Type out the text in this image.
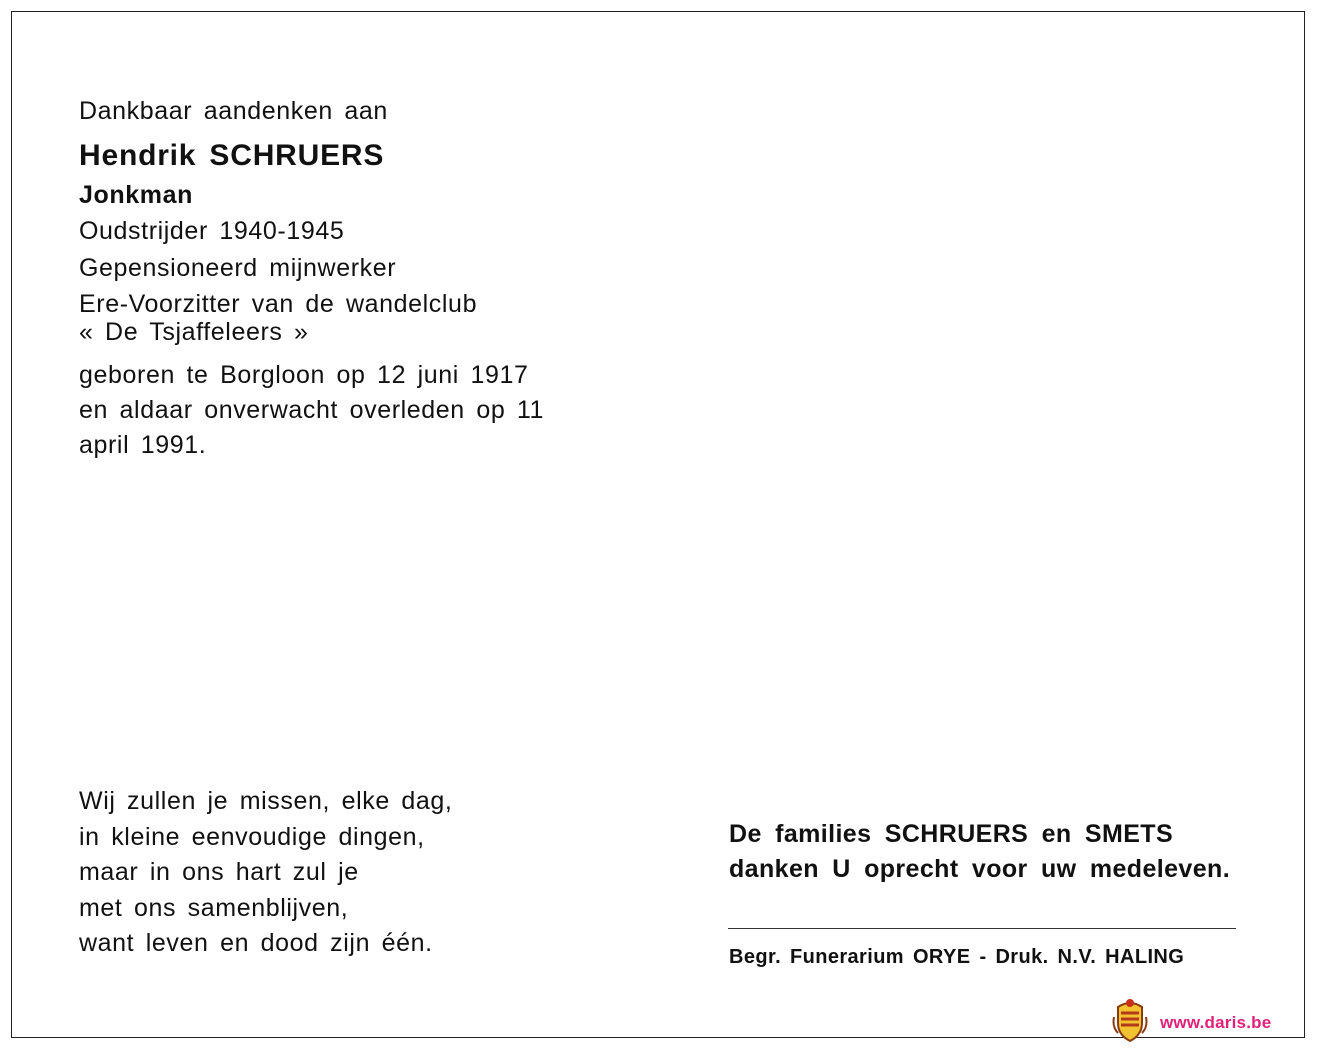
Dankbaar aandenken aan
Hendrik SCHRUERS
Jonkman
Oudstrijder 1940-1945
Gepensioneerd mijnwerker
Ere-Voorzitter van de wandelclub
« De Tsjaffeleers »
geboren te Borgloon op 12 juni 1917
en aldaar onverwacht overleden op 11
april 1991.
Wij zullen je missen, elke dag,
in kleine eenvoudige dingen,
maar in ons hart zul je
met ons samenblijven,
want leven en dood zijn één.
De families SCHRUERS en SMETS
danken U oprecht voor uw medeleven.
Begr. Funerarium ORYE - Druk. N.V. HALING
www.daris.be
